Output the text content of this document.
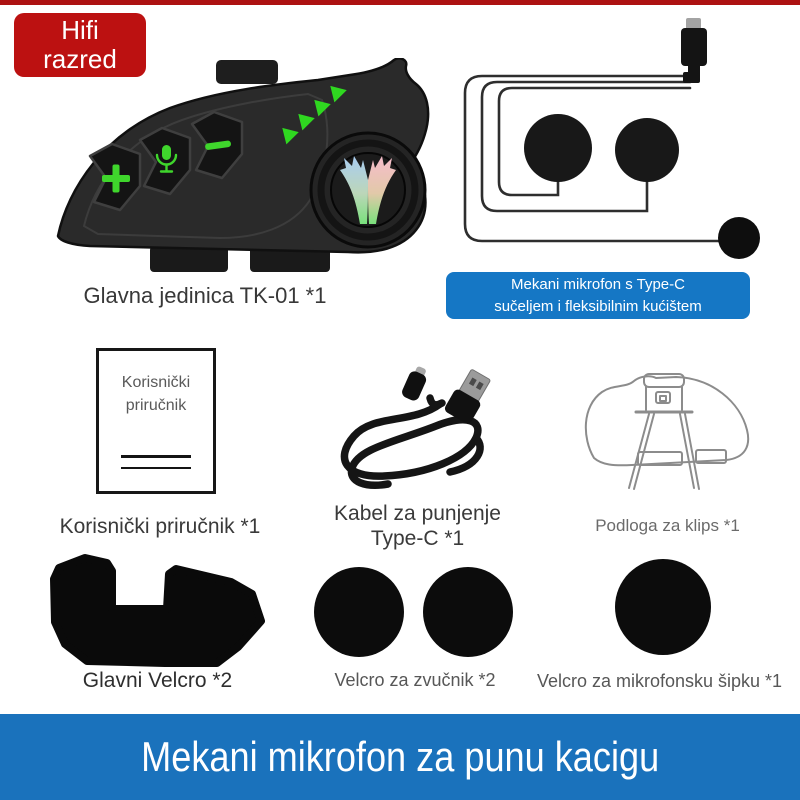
Hifi
razred
Glavna jedinica TK-01 *1	Mekani mikrofon s Type-C
sučeljem i fleksibilnim kućištem
Korisnički
priručnik
Korisnički priručnik *1
Kabel za punjenje
Type-C *1
Podloga za klips *1
Glavni Velcro *2	Velcro za zvučnik *2	Velcro za mikrofonsku šipku *1
Mekani mikrofon za punu kacigu
